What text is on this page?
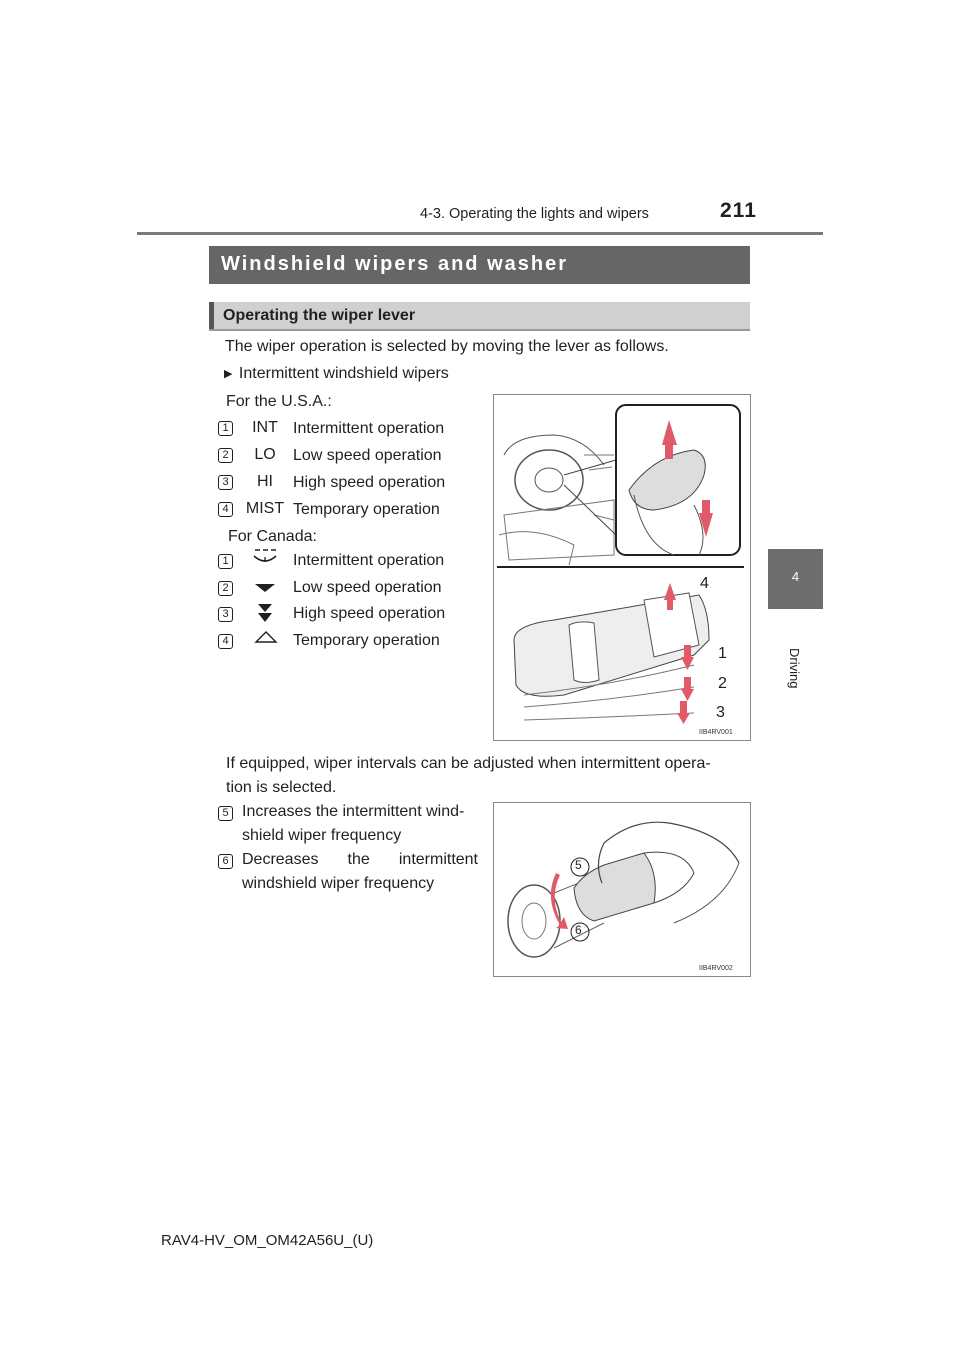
4-3. Operating the lights and wipers	211
4
Driving
Windshield wipers and washer
Operating the wiper lever
The wiper operation is selected by moving the lever as follows.
▶ Intermittent windshield wipers
For the U.S.A.:
1	INT Intermittent operation
2	LO	Low speed operation
3	HI	High speed operation
4	MIST Temporary operation
For Canada:
1	Intermittent operation
2	Low speed operation
3	High speed operation
4	Temporary operation
4
1
2
3
IIB4RV001
If equipped, wiper intervals can be adjusted when intermittent opera-
tion is selected.
5 Increases the intermittent wind-
shield wiper frequency
6 Decreases the intermittent
windshield wiper frequency
5
6
IIB4RV002
RAV4-HV_OM_OM42A56U_(U)
